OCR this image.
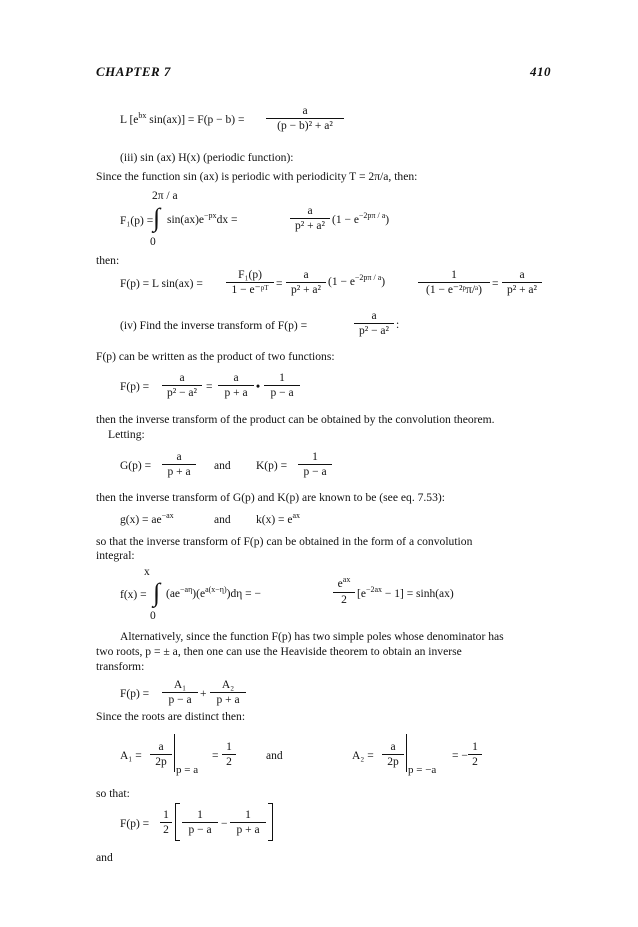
CHAPTER 7	410
L [$e^{bx}$ $\sin(ax)] = F(p - b) = \frac{a}{\text{(p − b)² + a²}}$
(iii) sin (ax) H(x) (periodic function):
Since the function sin (ax) is periodic with periodicity T = 2π/a, then:
2π / a
F₁(p) = ∫ $\sin(ax)e^{-px}dx$ =	$\frac{a}{\text{p² + a²}} (1 - e^{-2p\pi / a})$
0
then:
F(p) = L $\sin(ax) = \frac{\text{F₁(p)}}{\text{1 − e⁻ᵖᵀ}} = \frac{a}{\text{p² + a²}} (1 - e^{-2p\pi / a})$	$\frac{1}{\text{(1 − e⁻²ᵖπ/ᵃ)}} = \frac{a}{\text{p² + a²}}$
(iv) Find the inverse transform of F(p) =	$\frac{a}{\text{p² − a²}}$ :
F(p) can be written as the product of two functions:
$F(p) = \frac{a}{\text{p² − a²}} = \frac{a}{p + a}$ • $\frac{1}{p - a}$
then the inverse transform of the product can be obtained by the convolution theorem.
Letting:
$G(p) = \frac{a}{p + a}$ and $K(p) = \frac{1}{p - a}$
then the inverse transform of G(p) and K(p) are known to be (see eq. 7.53):
$g(x) = ae^{-ax}$	and $k(x) = e^{ax}$
so that the inverse transform of F(p) can be obtained in the form of a convolution
integral:
x
f(x) = ∫ $(ae^{-a\eta})(e^{a(x-\eta)})d\eta$ = −
$e^{ax}$
2 $[e^{-2ax} - 1] = \sinh(ax)$
0
Alternatively, since the function F(p) has two simple poles whose denominator has
two roots, p = ± a, then one can use the Heaviside theorem to obtain an inverse
transform:
$F(p) = \frac{\text{A₁}}{p - a} + \frac{\text{A₂}}{p + a}$
Since the roots are distinct then:
$A_1 = \frac{a}{2p}$
p = a
= $\frac{1}{2}$	and	$A_2 = \frac{a}{2p}$
p = −a
= − $\frac{1}{2}$
so that:
$F(p) = \frac{1}{2} \frac{1}{p - a} - \frac{1}{p + a}$
and
